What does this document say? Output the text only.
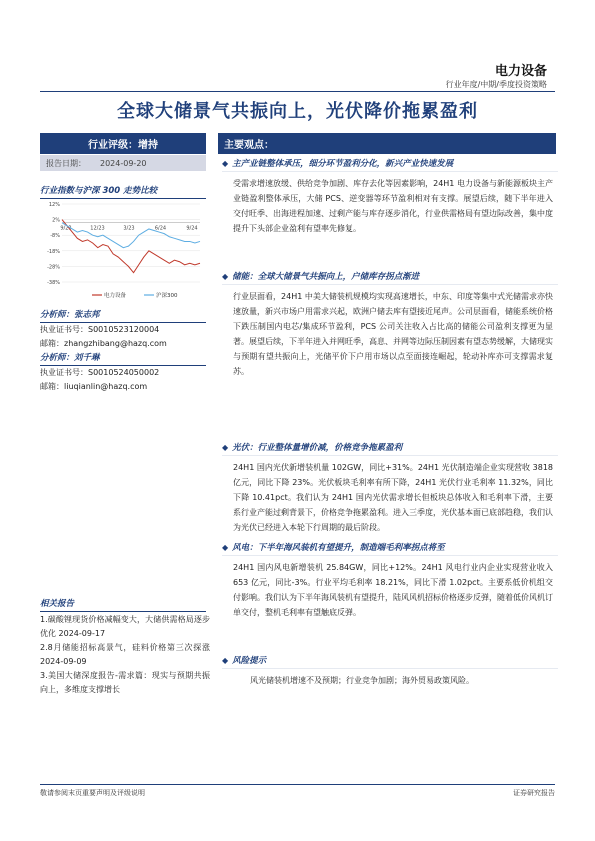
电力设备
行业年度/中期/季度投资策略
全球大储景气共振向上，光伏降价拖累盈利
行业评级：增持
报告日期： 2024-09-20
行业指数与沪深 300 走势比较
12%
2%
-8%
-18%
-28%
-38%
9/23	12/23	3/23	6/24	9/24
电力设备	沪深300
分析师：张志邦
执业证书号：S0010523120004
邮箱：zhangzhibang@hazq.com
分析师：刘千琳
执业证书号：S0010524050002
邮箱：liuqianlin@hazq.com
相关报告
1.碳酸锂现货价格减幅变大，大储供需格局逐步优化 2024-09-17
2.8月储能招标高景气，硅料价格第三次探涨 2024-09-09
3.美国大储深度报告-需求篇：现实与预期共振向上，多维度支撑增长
主要观点：
◆ 主产业链整体承压，细分环节盈利分化，新兴产业快速发展
受需求增速放缓、供给竞争加剧、库存去化等因素影响，24H1 电力设备与新能源板块主产业链盈利整体承压，大储 PCS、逆变器等环节盈利相对有支撑。展望后续，随下半年进入交付旺季、出海进程加速、过剩产能与库存逐步消化，行业供需格局有望边际改善，集中度提升下头部企业盈利有望率先修复。
◆ 储能：全球大储景气共振向上，户储库存拐点渐进
行业层面看，24H1 中美大储装机规模均实现高速增长，中东、印度等集中式光储需求亦快速放量，新兴市场户用需求兴起，欧洲户储去库有望接近尾声。公司层面看，储能系统价格下跌压制国内电芯/集成环节盈利，PCS 公司关注收入占比高的储能公司盈利支撑更为显著。展望后续，下半年进入并网旺季，高息、并网等边际压制因素有望态势缓解，大储现实与预期有望共振向上，光储平价下户用市场以点至面接连崛起，轮动补库亦可支撑需求复苏。
◆ 光伏：行业整体量增价减，价格竞争拖累盈利
24H1 国内光伏新增装机量 102GW，同比+31%。24H1 光伏制造端企业实现营收 3818 亿元，同比下降 23%。光伏板块毛利率有所下降，24H1 光伏行业毛利率 11.32%，同比下降 10.41pct。我们认为 24H1 国内光伏需求增长但板块总体收入和毛利率下滑，主要系行业产能过剩背景下，价格竞争拖累盈利。进入三季度，光伏基本面已底部趋稳，我们认为光伏已经进入本轮下行周期的最后阶段。
◆ 风电：下半年海风装机有望提升，制造端毛利率拐点将至
24H1 国内风电新增装机 25.84GW，同比+12%。24H1 风电行业内企业实现营业收入 653 亿元，同比-3%。行业平均毛利率 18.21%，同比下滑 1.02pct。主要系低价机组交付影响。我们认为下半年海风装机有望提升，陆风风机招标价格逐步反弹，随着低价风机订单交付，整机毛利率有望触底反弹。
◆ 风险提示
风光储装机增速不及预期；行业竞争加剧；海外贸易政策风险。
敬请参阅末页重要声明及评级说明	证券研究报告
